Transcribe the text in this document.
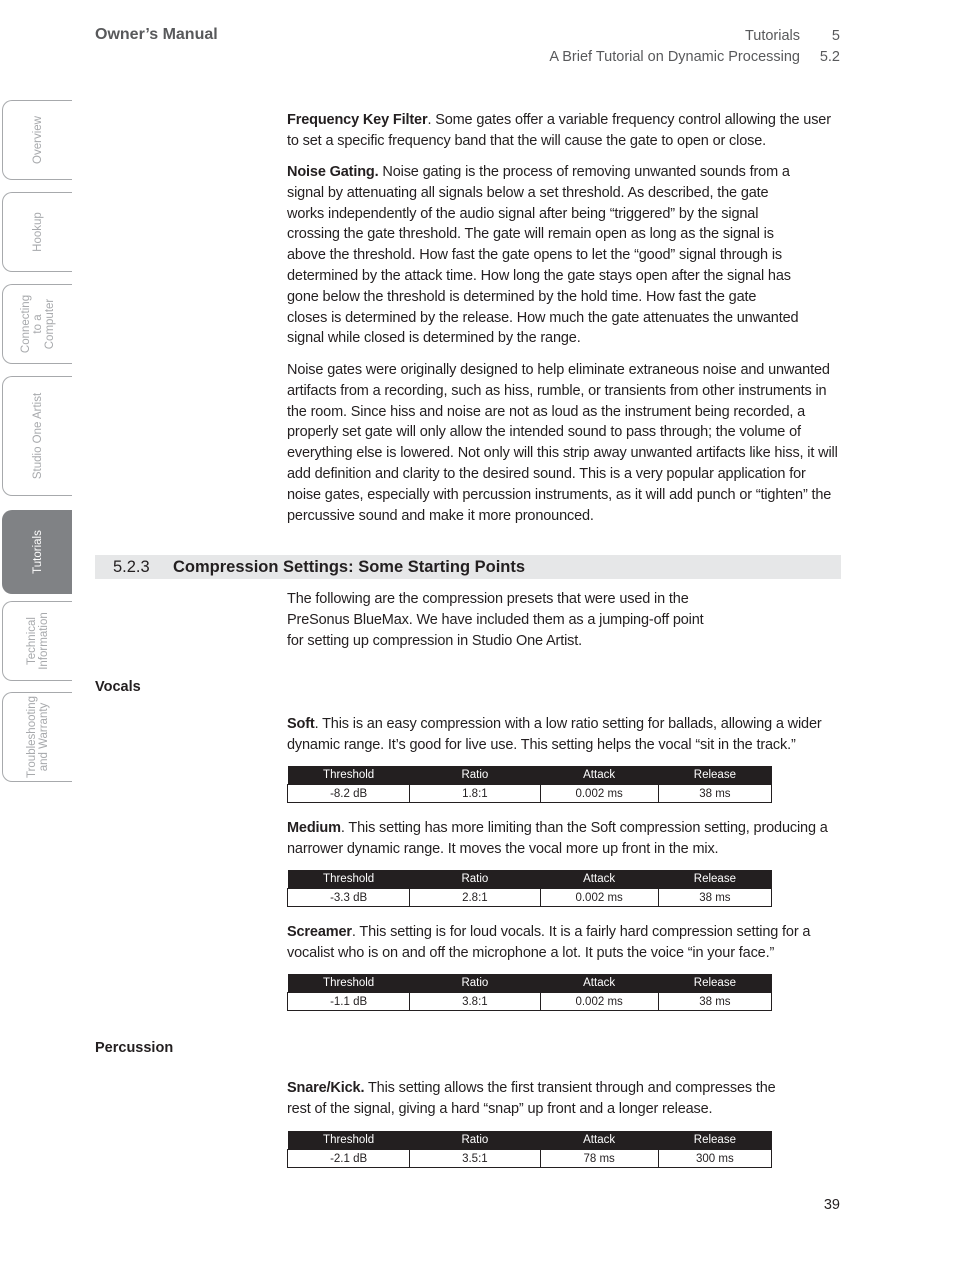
Owner’s Manual	Tutorials 5
A Brief Tutorial on Dynamic Processing 5.2

Frequency Key Filter. Some gates offer a variable frequency control allowing the user to set a specific frequency band that the will cause the gate to open or close.

Noise Gating. Noise gating is the process of removing unwanted sounds from a signal by attenuating all signals below a set threshold. As described, the gate works independently of the audio signal after being “triggered” by the signal crossing the gate threshold. The gate will remain open as long as the signal is above the threshold. How fast the gate opens to let the “good” signal through is determined by the attack time. How long the gate stays open after the signal has gone below the threshold is determined by the hold time. How fast the gate closes is determined by the release. How much the gate attenuates the unwanted signal while closed is determined by the range.

Noise gates were originally designed to help eliminate extraneous noise and unwanted artifacts from a recording, such as hiss, rumble, or transients from other instruments in the room. Since hiss and noise are not as loud as the instrument being recorded, a properly set gate will only allow the intended sound to pass through; the volume of everything else is lowered. Not only will this strip away unwanted artifacts like hiss, it will add definition and clarity to the desired sound. This is a very popular application for noise gates, especially with percussion instruments, as it will add punch or “tighten” the percussive sound and make it more pronounced.

5.2.3 Compression Settings: Some Starting Points

The following are the compression presets that were used in the PreSonus BlueMax. We have included them as a jumping-off point for setting up compression in Studio One Artist.

Vocals

Soft. This is an easy compression with a low ratio setting for ballads, allowing a wider dynamic range. It’s good for live use. This setting helps the vocal “sit in the track.”

Threshold	Ratio	Attack	Release
-8.2 dB	1.8:1	0.002 ms	38 ms

Medium. This setting has more limiting than the Soft compression setting, producing a narrower dynamic range. It moves the vocal more up front in the mix.

Threshold	Ratio	Attack	Release
-3.3 dB	2.8:1	0.002 ms	38 ms

Screamer. This setting is for loud vocals. It is a fairly hard compression setting for a vocalist who is on and off the microphone a lot. It puts the voice “in your face.”

Threshold	Ratio	Attack	Release
-1.1 dB	3.8:1	0.002 ms	38 ms
Percussion

Snare/Kick. This setting allows the first transient through and compresses the rest of the signal, giving a hard “snap” up front and a longer release.

Threshold	Ratio	Attack	Release
-2.1 dB	3.5:1	78 ms	300 ms
Overview
Hookup
Connecting
to a
Computer
Studio One Artist
Tutorials
Technical
Information
Troubleshooting
and Warranty
39
